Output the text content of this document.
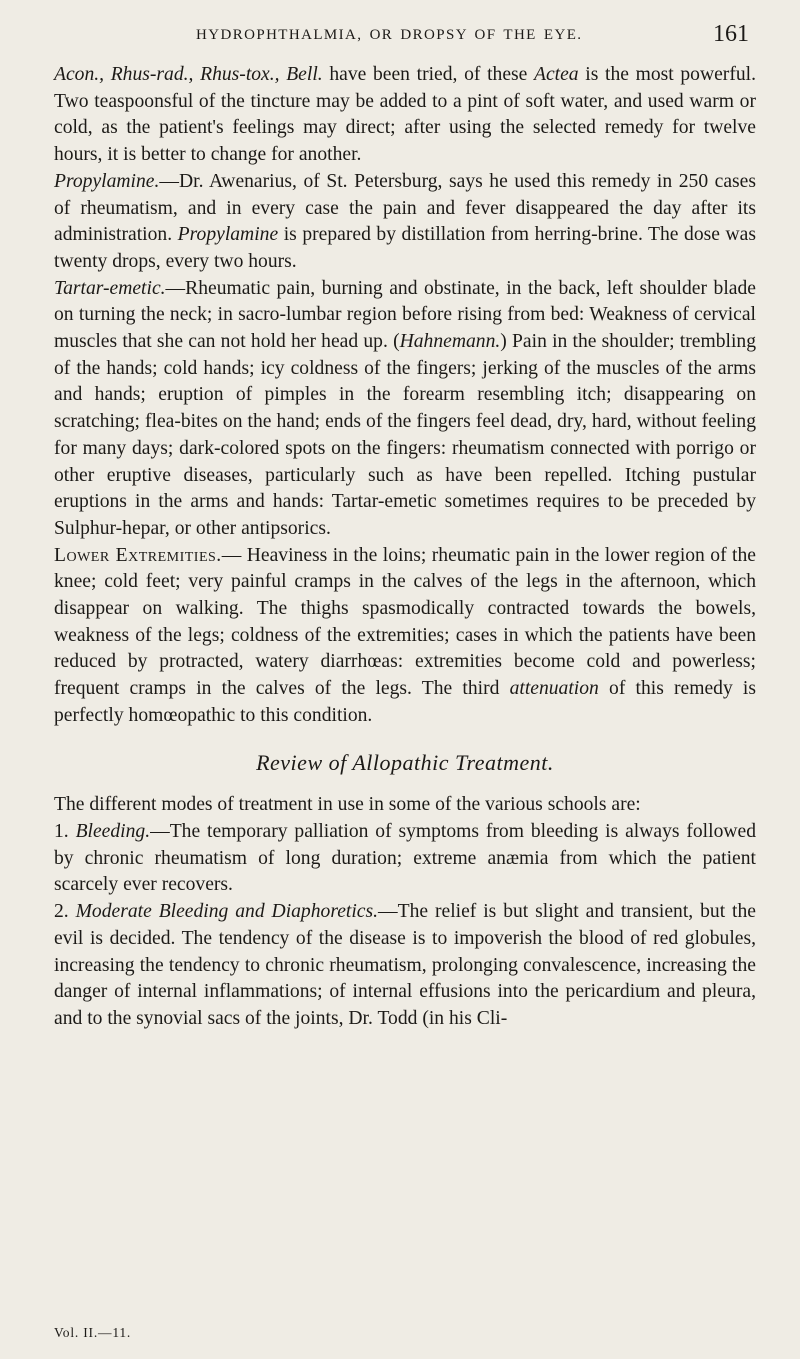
HYDROPHTHALMIA, OR DROPSY OF THE EYE.	161

Acon., Rhus-rad., Rhus-tox., Bell. have been tried, of these Actea is the most powerful. Two teaspoonsful of the tincture may be added to a pint of soft water, and used warm or cold, as the patient's feelings may direct; after using the selected remedy for twelve hours, it is better to change for another.

Propylamine.—Dr. Awenarius, of St. Petersburg, says he used this remedy in 250 cases of rheumatism, and in every case the pain and fever disappeared the day after its administration. Propylamine is prepared by distillation from herring-brine. The dose was twenty drops, every two hours.

Tartar-emetic.—Rheumatic pain, burning and obstinate, in the back, left shoulder blade on turning the neck; in sacro-lumbar region before rising from bed: Weakness of cervical muscles that she can not hold her head up. (Hahnemann.) Pain in the shoulder; trembling of the hands; cold hands; icy coldness of the fingers; jerking of the muscles of the arms and hands; eruption of pimples in the forearm resembling itch; disappearing on scratching; flea-bites on the hand; ends of the fingers feel dead, dry, hard, without feeling for many days; dark-colored spots on the fingers: rheumatism connected with porrigo or other eruptive diseases, particularly such as have been repelled. Itching pustular eruptions in the arms and hands: Tartar-emetic sometimes requires to be preceded by Sulphur-hepar, or other antipsorics.

Lower Extremities.— Heaviness in the loins; rheumatic pain in the lower region of the knee; cold feet; very painful cramps in the calves of the legs in the afternoon, which disappear on walking. The thighs spasmodically contracted towards the bowels, weakness of the legs; coldness of the extremities; cases in which the patients have been reduced by protracted, watery diarrhœas: extremities become cold and powerless; frequent cramps in the calves of the legs. The third attenuation of this remedy is perfectly homœopathic to this condition.

Review of Allopathic Treatment.

The different modes of treatment in use in some of the various schools are:

1. Bleeding.—The temporary palliation of symptoms from bleeding is always followed by chronic rheumatism of long duration; extreme anæmia from which the patient scarcely ever recovers.

2. Moderate Bleeding and Diaphoretics.—The relief is but slight and transient, but the evil is decided. The tendency of the disease is to impoverish the blood of red globules, increasing the tendency to chronic rheumatism, prolonging convalescence, increasing the danger of internal inflammations; of internal effusions into the pericardium and pleura, and to the synovial sacs of the joints, Dr. Todd (in his Cli-

Vol. II.—11.
